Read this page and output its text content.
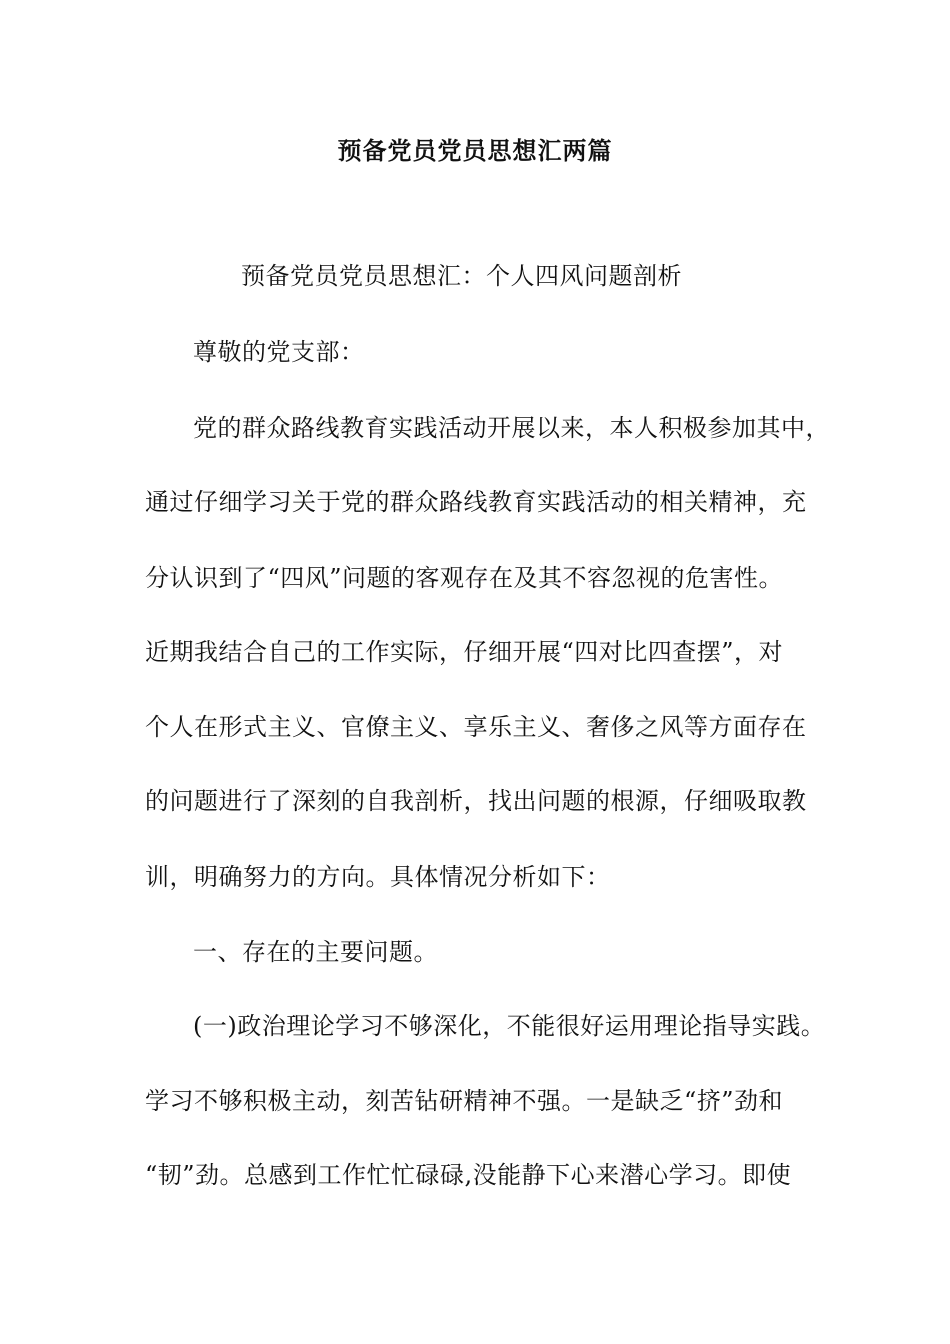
预备党员党员思想汇两篇
预备党员党员思想汇：个人四风问题剖析
尊敬的党支部：
党的群众路线教育实践活动开展以来，本人积极参加其中，
通过仔细学习关于党的群众路线教育实践活动的相关精神，充
分认识到了“四风”问题的客观存在及其不容忽视的危害性。
近期我结合自己的工作实际，仔细开展“四对比四查摆”，对
个人在形式主义、官僚主义、享乐主义、奢侈之风等方面存在
的问题进行了深刻的自我剖析，找出问题的根源，仔细吸取教
训，明确努力的方向。具体情况分析如下：
一、存在的主要问题。
(一)政治理论学习不够深化，不能很好运用理论指导实践。
学习不够积极主动，刻苦钻研精神不强。一是缺乏“挤”劲和
“韧”劲。总感到工作忙忙碌碌,没能静下心来潜心学习。即使
